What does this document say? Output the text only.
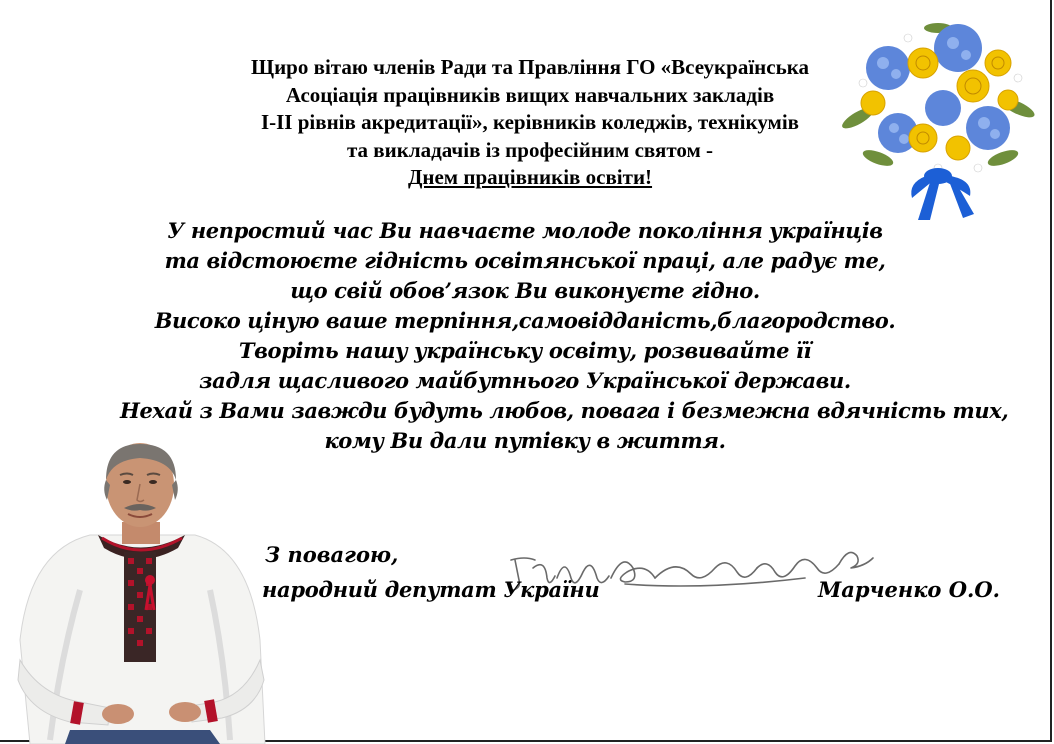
Щиро вітаю членів Ради та Правління ГО «Всеукраїнська
Асоціація працівників вищих навчальних закладів
І-ІІ рівнів акредитації», керівників коледжів, технікумів
та викладачів із професійним святом -
Днем працівників освіти!
У непростий час Ви навчаєте молоде покоління українців
та відстоюєте гідність освітянської праці, але радує те,
що свій обов’язок Ви виконуєте гідно.
Високо ціную ваше терпіння,самовідданість,благородство.
Творіть нашу українську освіту, розвивайте її
задля щасливого майбутнього Української держави.
Нехай з Вами завжди будуть любов, повага і безмежна вдячність тих,
кому Ви дали путівку в життя.
З повагою,
народний депутат України	Марченко О.О.
